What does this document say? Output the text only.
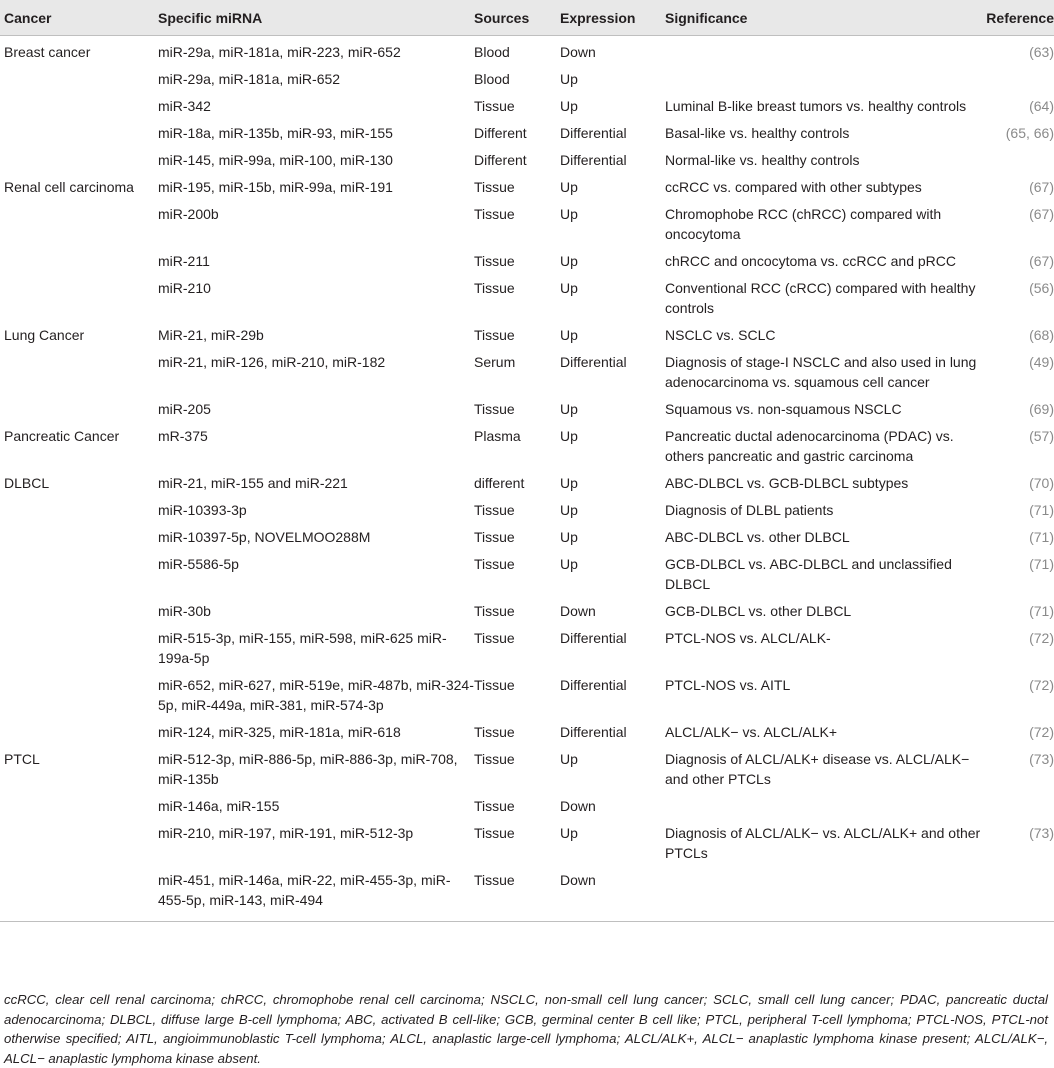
Cancer	Specific miRNA	Sources	Expression	Significance	Reference
Breast cancer	miR-29a, miR-181a, miR-223, miR-652	Blood	Down		(63)
	miR-29a, miR-181a, miR-652	Blood	Up		
	miR-342	Tissue	Up	Luminal B-like breast tumors vs. healthy controls	(64)
	miR-18a, miR-135b, miR-93, miR-155	Different	Differential	Basal-like vs. healthy controls	(65, 66)
	miR-145, miR-99a, miR-100, miR-130	Different	Differential	Normal-like vs. healthy controls	
Renal cell carcinoma	miR-195, miR-15b, miR-99a, miR-191	Tissue	Up	ccRCC vs. compared with other subtypes	(67)
	miR-200b	Tissue	Up	Chromophobe RCC (chRCC) compared with oncocytoma	(67)
	miR-211	Tissue	Up	chRCC and oncocytoma vs. ccRCC and pRCC	(67)
	miR-210	Tissue	Up	Conventional RCC (cRCC) compared with healthy controls	(56)
Lung Cancer	MiR-21, miR-29b	Tissue	Up	NSCLC vs. SCLC	(68)
	miR-21, miR-126, miR-210, miR-182	Serum	Differential	Diagnosis of stage-I NSCLC and also used in lung adenocarcinoma vs. squamous cell cancer	(49)
	miR-205	Tissue	Up	Squamous vs. non-squamous NSCLC	(69)
Pancreatic Cancer	mR-375	Plasma	Up	Pancreatic ductal adenocarcinoma (PDAC) vs. others pancreatic and gastric carcinoma	(57)
DLBCL	miR-21, miR-155 and miR-221	different	Up	ABC-DLBCL vs. GCB-DLBCL subtypes	(70)
	miR-10393-3p	Tissue	Up	Diagnosis of DLBL patients	(71)
	miR-10397-5p, NOVELMOO288M	Tissue	Up	ABC-DLBCL vs. other DLBCL	(71)
	miR-5586-5p	Tissue	Up	GCB-DLBCL vs. ABC-DLBCL and unclassified DLBCL	(71)
	miR-30b	Tissue	Down	GCB-DLBCL vs. other DLBCL	(71)
	miR-515-3p, miR-155, miR-598, miR-625 miR-199a-5p	Tissue	Differential	PTCL-NOS vs. ALCL/ALK-	(72)
	miR-652, miR-627, miR-519e, miR-487b, miR-324-5p, miR-449a, miR-381, miR-574-3p	Tissue	Differential	PTCL-NOS vs. AITL	(72)
	miR-124, miR-325, miR-181a, miR-618	Tissue	Differential	ALCL/ALK− vs. ALCL/ALK+	(72)
PTCL	miR-512-3p, miR-886-5p, miR-886-3p, miR-708, miR-135b	Tissue	Up	Diagnosis of ALCL/ALK+ disease vs. ALCL/ALK− and other PTCLs	(73)
	miR-146a, miR-155	Tissue	Down		
	miR-210, miR-197, miR-191, miR-512-3p	Tissue	Up	Diagnosis of ALCL/ALK− vs. ALCL/ALK+ and other PTCLs	(73)
	miR-451, miR-146a, miR-22, miR-455-3p, miR-455-5p, miR-143, miR-494	Tissue	Down		
ccRCC, clear cell renal carcinoma; chRCC, chromophobe renal cell carcinoma; NSCLC, non-small cell lung cancer; SCLC, small cell lung cancer; PDAC, pancreatic ductal adenocarcinoma; DLBCL, diffuse large B-cell lymphoma; ABC, activated B cell-like; GCB, germinal center B cell like; PTCL, peripheral T-cell lymphoma; PTCL-NOS, PTCL-not otherwise specified; AITL, angioimmunoblastic T-cell lymphoma; ALCL, anaplastic large-cell lymphoma; ALCL/ALK+, ALCL− anaplastic lymphoma kinase present; ALCL/ALK−, ALCL− anaplastic lymphoma kinase absent.
